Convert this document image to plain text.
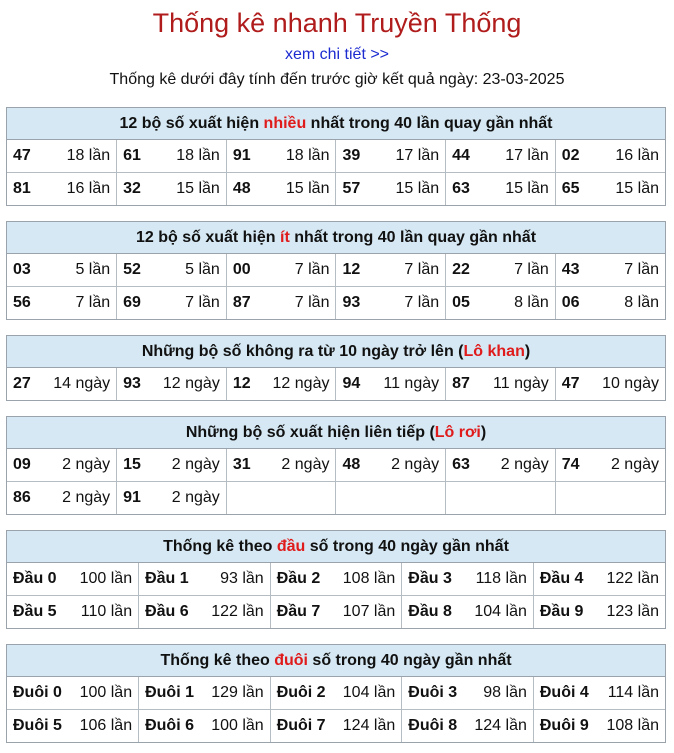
Thống kê nhanh Truyền Thống
xem chi tiết >>
Thống kê dưới đây tính đến trước giờ kết quả ngày: 23-03-2025
12 bộ số xuất hiện nhiều nhất trong 40 lần quay gần nhất
47 18 lần	61 18 lần	91 18 lần	39 17 lần	44 17 lần	02 16 lần

81 16 lần	32 15 lần	48 15 lần	57 15 lần	63 15 lần	65 15 lần
12 bộ số xuất hiện ít nhất trong 40 lần quay gần nhất
03 5 lần	52 5 lần	00 7 lần	12 7 lần	22 7 lần	43 7 lần

56 7 lần	69 7 lần	87 7 lần	93 7 lần	05 8 lần	06 8 lần
Những bộ số không ra từ 10 ngày trở lên (Lô khan)
27 14 ngày	93 12 ngày	12 12 ngày	94 11 ngày	87 11 ngày	47 10 ngày
Những bộ số xuất hiện liên tiếp (Lô rơi)
09 2 ngày	15 2 ngày	31 2 ngày	48 2 ngày	63 2 ngày	74 2 ngày

86 2 ngày	91 2 ngày				

Thống kê theo đầu số trong 40 ngày gần nhất
Đầu 0 100 lần	Đầu 1 93 lần	Đầu 2 108 lần	Đầu 3 118 lần	Đầu 4 122 lần

Đầu 5 110 lần	Đầu 6 122 lần	Đầu 7 107 lần	Đầu 8 104 lần	Đầu 9 123 lần
Thống kê theo đuôi số trong 40 ngày gần nhất
Đuôi 0 100 lần	Đuôi 1 129 lần	Đuôi 2 104 lần	Đuôi 3 98 lần	Đuôi 4 114 lần

Đuôi 5 106 lần	Đuôi 6 100 lần	Đuôi 7 124 lần	Đuôi 8 124 lần	Đuôi 9 108 lần
